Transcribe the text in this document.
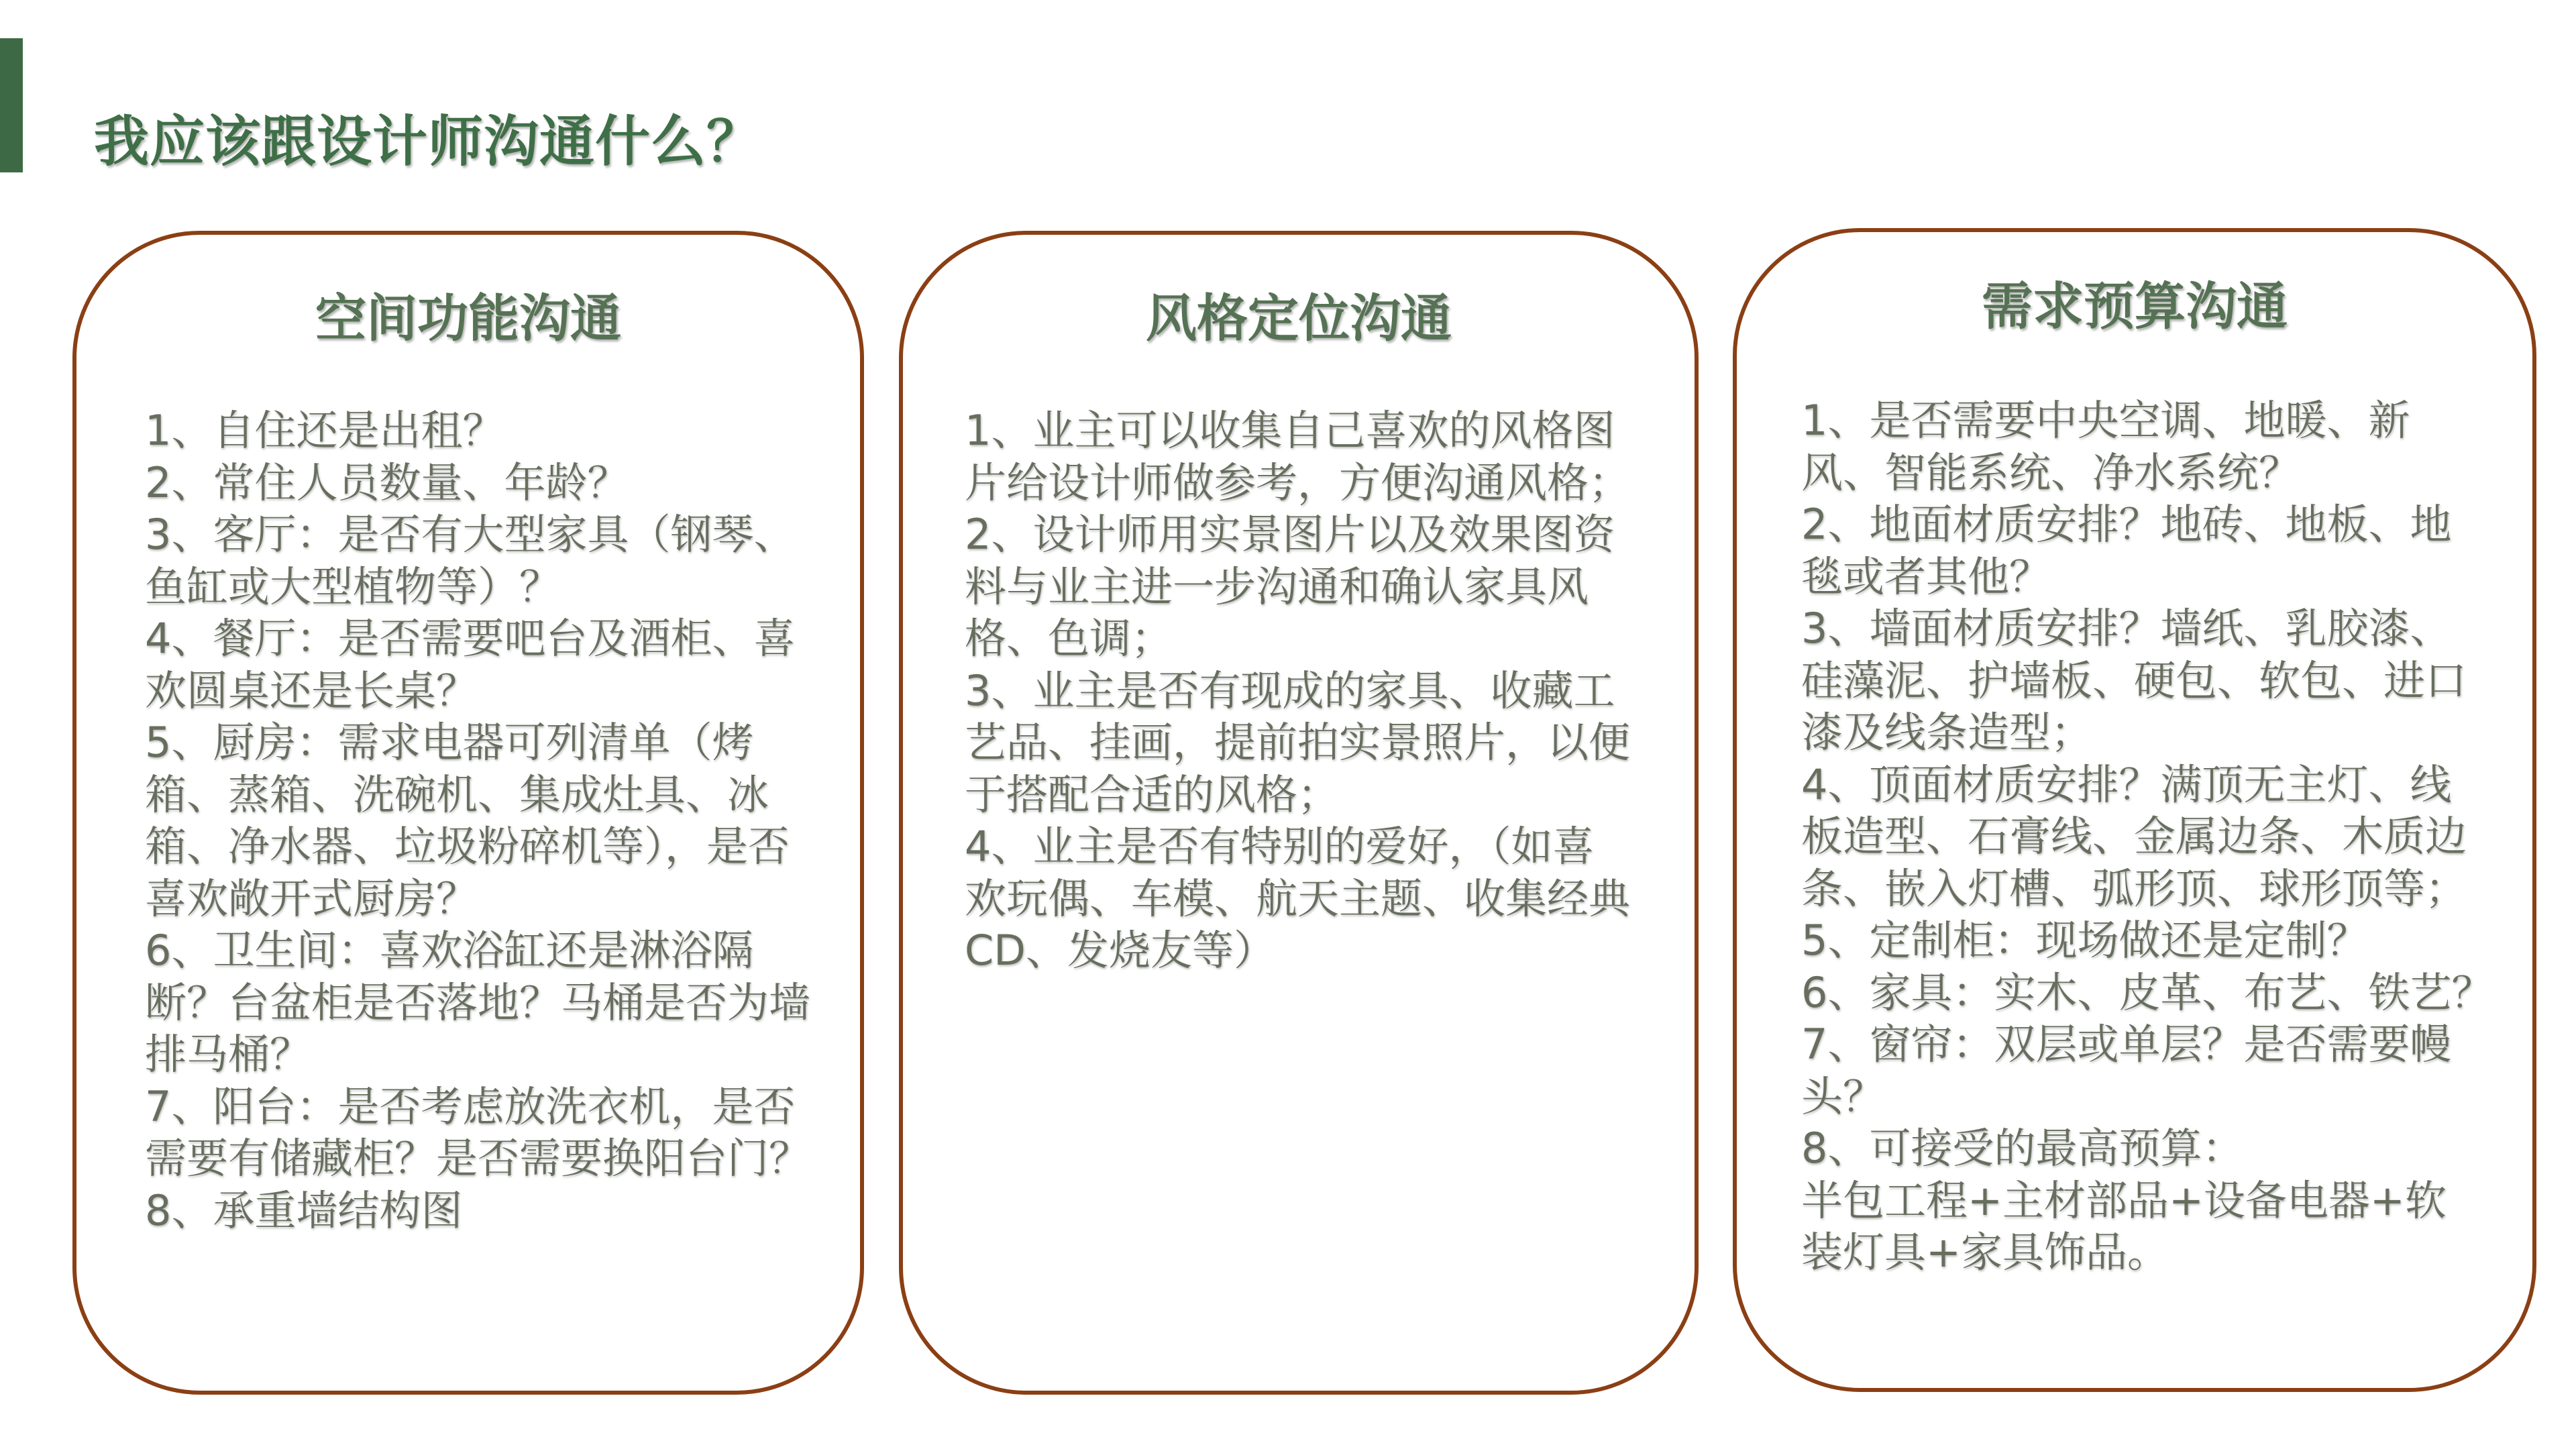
我应该跟设计师沟通什么？
空间功能沟通
1、自住还是出租？
2、常住人员数量、年龄？
3、客厅：是否有大型家具（钢琴、鱼缸或大型植物等）？
4、餐厅：是否需要吧台及酒柜、喜欢圆桌还是长桌？
5、厨房：需求电器可列清单（烤箱、蒸箱、洗碗机、集成灶具、冰箱、净水器、垃圾粉碎机等），是否喜欢敞开式厨房？
6、卫生间：喜欢浴缸还是淋浴隔断？台盆柜是否落地？马桶是否为墙排马桶？
7、阳台：是否考虑放洗衣机，是否需要有储藏柜？是否需要换阳台门？
8、承重墙结构图
风格定位沟通
1、业主可以收集自己喜欢的风格图片给设计师做参考，方便沟通风格；
2、设计师用实景图片以及效果图资料与业主进一步沟通和确认家具风格、色调；
3、业主是否有现成的家具、收藏工艺品、挂画，提前拍实景照片，以便于搭配合适的风格；
4、业主是否有特别的爱好，（如喜欢玩偶、车模、航天主题、收集经典CD、发烧友等）
需求预算沟通
1、是否需要中央空调、地暖、新风、智能系统、净水系统？
2、地面材质安排？地砖、地板、地毯或者其他？
3、墙面材质安排？墙纸、乳胶漆、硅藻泥、护墙板、硬包、软包、进口漆及线条造型；
4、顶面材质安排？满顶无主灯、线板造型、石膏线、金属边条、木质边条、嵌入灯槽、弧形顶、球形顶等；
5、定制柜：现场做还是定制？
6、家具：实木、皮革、布艺、铁艺？
7、窗帘：双层或单层？是否需要幔头？
8、可接受的最高预算：
半包工程+主材部品+设备电器+软装灯具+家具饰品。
